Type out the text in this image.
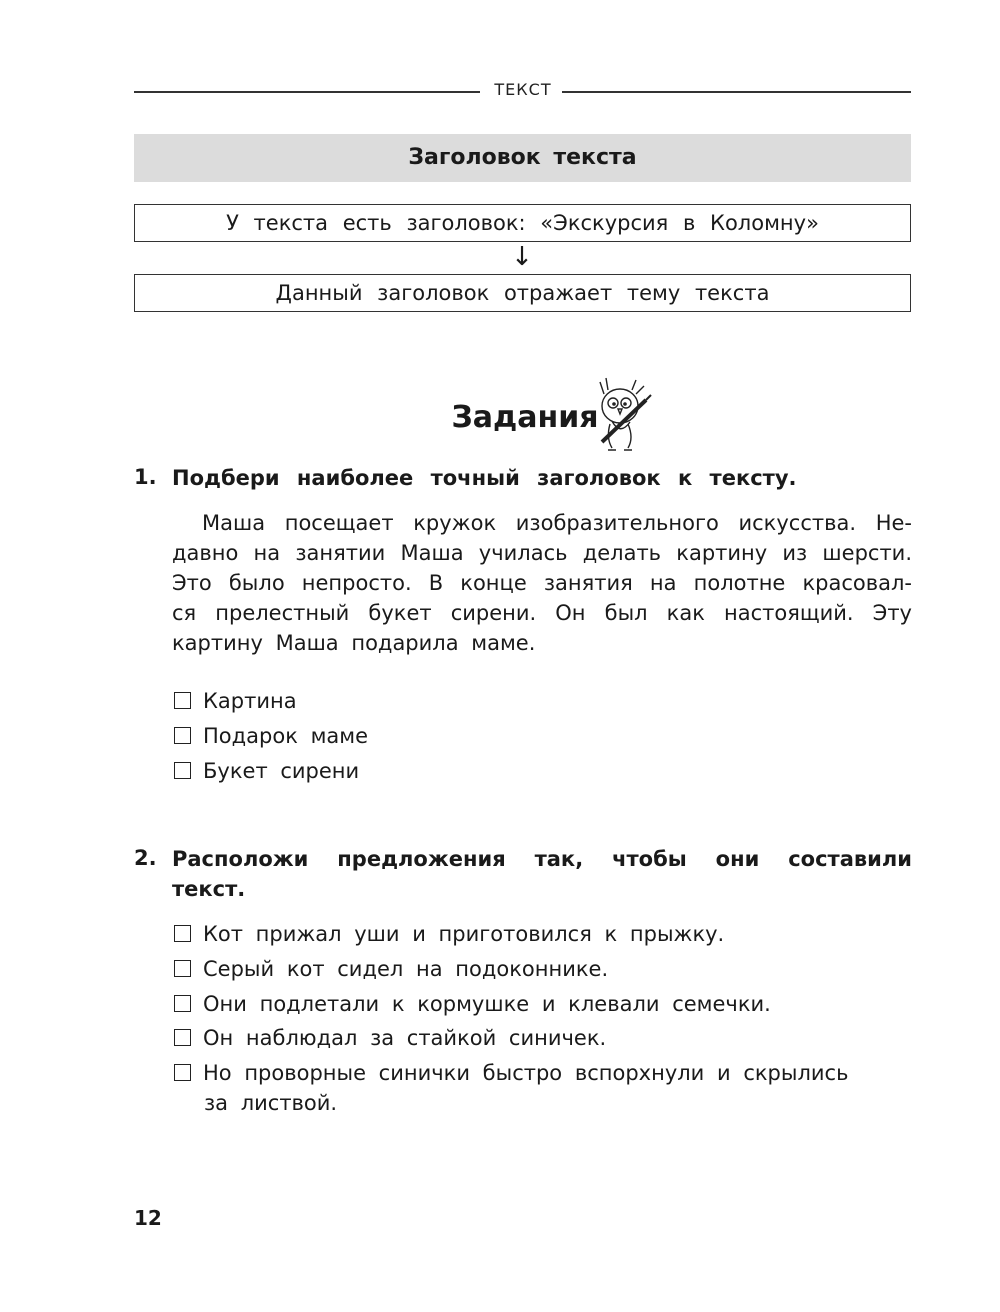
ТЕКСТ
Заголовок текста
У текста есть заголовок: «Экскурсия в Коломну»
↓
Данный заголовок отражает тему текста
Задания
1. Подбери наиболее точный заголовок к тексту.

Маша посещает кружок изобразительного искусства. Не-

давно на занятии Маша училась делать картину из шерсти.

Это было непросто. В конце занятия на полотне красoвал-

ся прелестный букет сирени. Он был как настоящий. Эту

картину Маша подарила маме.

Картина
Подарок маме
Букет сирени
2. Расположи предложения так, чтобы они составили
текст.
Кот прижал уши и приготовился к прыжку.
Серый кот сидел на подоконнике.
Они подлетали к кормушке и клевали семечки.
Он наблюдал за стайкой синичек.
Но проворные синички быстро вспорхнули и скрылись
за листвой.
12
